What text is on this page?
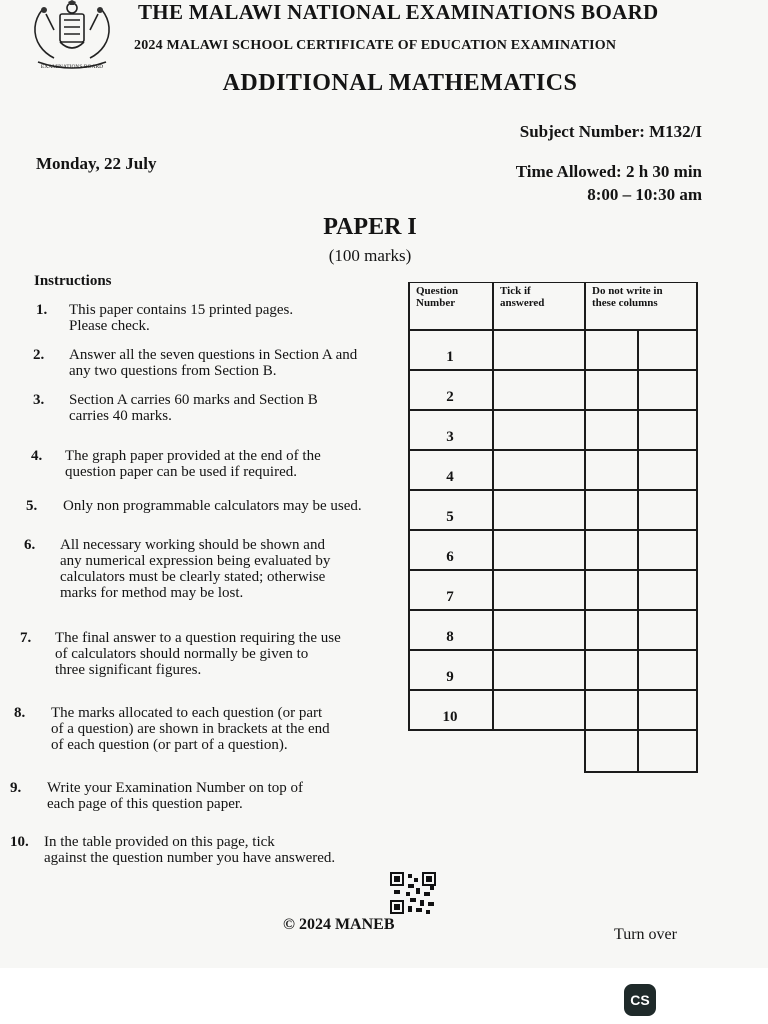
EXAMINATIONS BOARD
THE MALAWI NATIONAL EXAMINATIONS BOARD
2024 MALAWI SCHOOL CERTIFICATE OF EDUCATION EXAMINATION
ADDITIONAL MATHEMATICS
Subject Number: M132/I
Monday, 22 July	Time Allowed: 2 h 30 min
8:00 – 10:30 am
PAPER I
(100 marks)
Instructions
1. This paper contains 15 printed pages.
Please check.
2. Answer all the seven questions in Section A and
any two questions from Section B.
3. Section A carries 60 marks and Section B
carries 40 marks.
4. The graph paper provided at the end of the
question paper can be used if required.
5. Only non programmable calculators may be used.
6. All necessary working should be shown and
any numerical expression being evaluated by
calculators must be clearly stated; otherwise
marks for method may be lost.
7. The final answer to a question requiring the use
of calculators should normally be given to
three significant figures.
8. The marks allocated to each question (or part
of a question) are shown in brackets at the end
of each question (or part of a question).
9. Write your Examination Number on top of
each page of this question paper.
10. In the table provided on this page, tick
against the question number you have answered.
Question
Number
Tick if
answered
Do not write in
these columns
1
2
3
4
5
6
7
8
9
10
© 2024 MANEB
Turn over
CS
